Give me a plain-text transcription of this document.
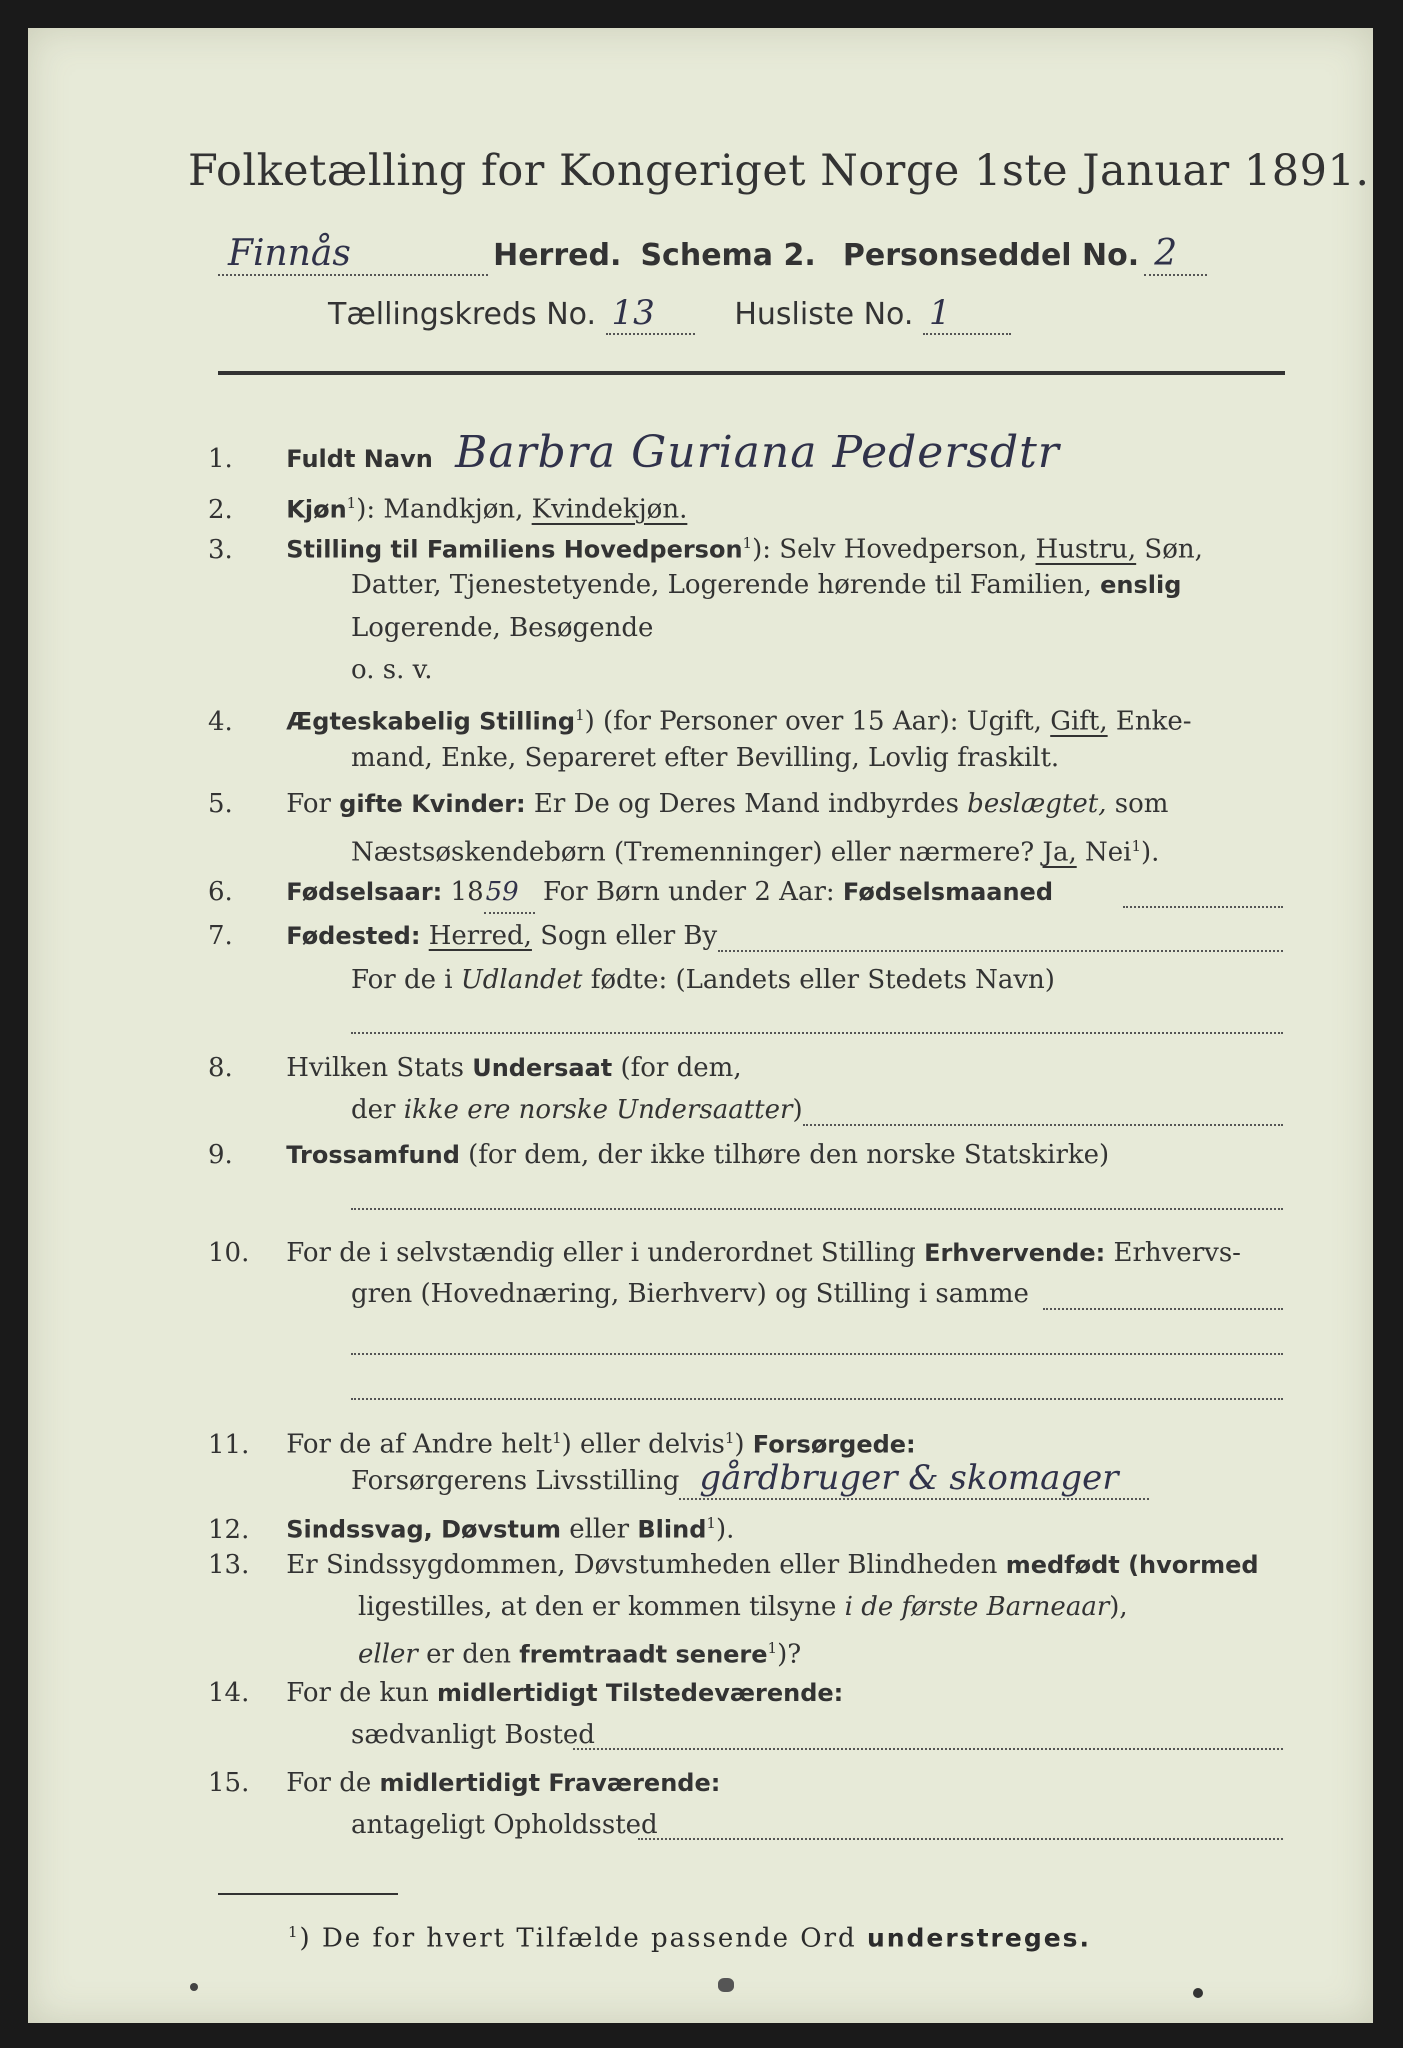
Folketælling for Kongeriget Norge 1ste Januar 1891.
Finnås	Herred. Schema 2. Personseddel No. 2
Tællingskreds No. 13	Husliste No. 1
1. Fuldt Navn Barbra Guriana Pedersdtr
2. Kjøn$^1$): Mandkjøn, Kvindekjøn.
3. Stilling til Familiens Hovedperson$^1$): Selv Hovedperson, Hustru, Søn,
Datter, Tjenestetyende, Logerende hørende til Familien, enslig
Logerende, Besøgende
o. s. v.
4. Ægteskabelig Stilling$^1$) (for Personer over 15 Aar): Ugift, Gift, Enke-
mand, Enke, Separeret efter Bevilling, Lovlig fraskilt.
5. For gifte Kvinder: Er De og Deres Mand indbyrdes beslægtet, som
Næstsøskendebørn (Tremenninger) eller nærmere? Ja, Nei$^1$).
6. Fødselsaar: 1859 For Børn under 2 Aar: Fødselsmaaned
7. Fødested: Herred, Sogn eller By
For de i Udlandet fødte: (Landets eller Stedets Navn)
8. Hvilken Stats Undersaat (for dem,
der ikke ere norske Undersaatter)
9. Trossamfund (for dem, der ikke tilhøre den norske Statskirke)
10. For de i selvstændig eller i underordnet Stilling Erhvervende: Erhvervs-
gren (Hovednæring, Bierhverv) og Stilling i samme
11. For de af Andre helt$^1$) eller delvis$^1$) Forsørgede:
Forsørgerens Livsstilling gårdbruger & skomager
12. Sindssvag, Døvstum eller Blind$^1$).
13. Er Sindssygdommen, Døvstumheden eller Blindheden medfødt (hvormed
ligestilles, at den er kommen tilsyne i de første Barneaar),
eller er den fremtraadt senere$^1$)?
14. For de kun midlertidigt Tilstedeværende:
sædvanligt Bosted
15. For de midlertidigt Fraværende:
antageligt Opholdssted
$^1$) De for hvert Tilfælde passende Ord understreges.
